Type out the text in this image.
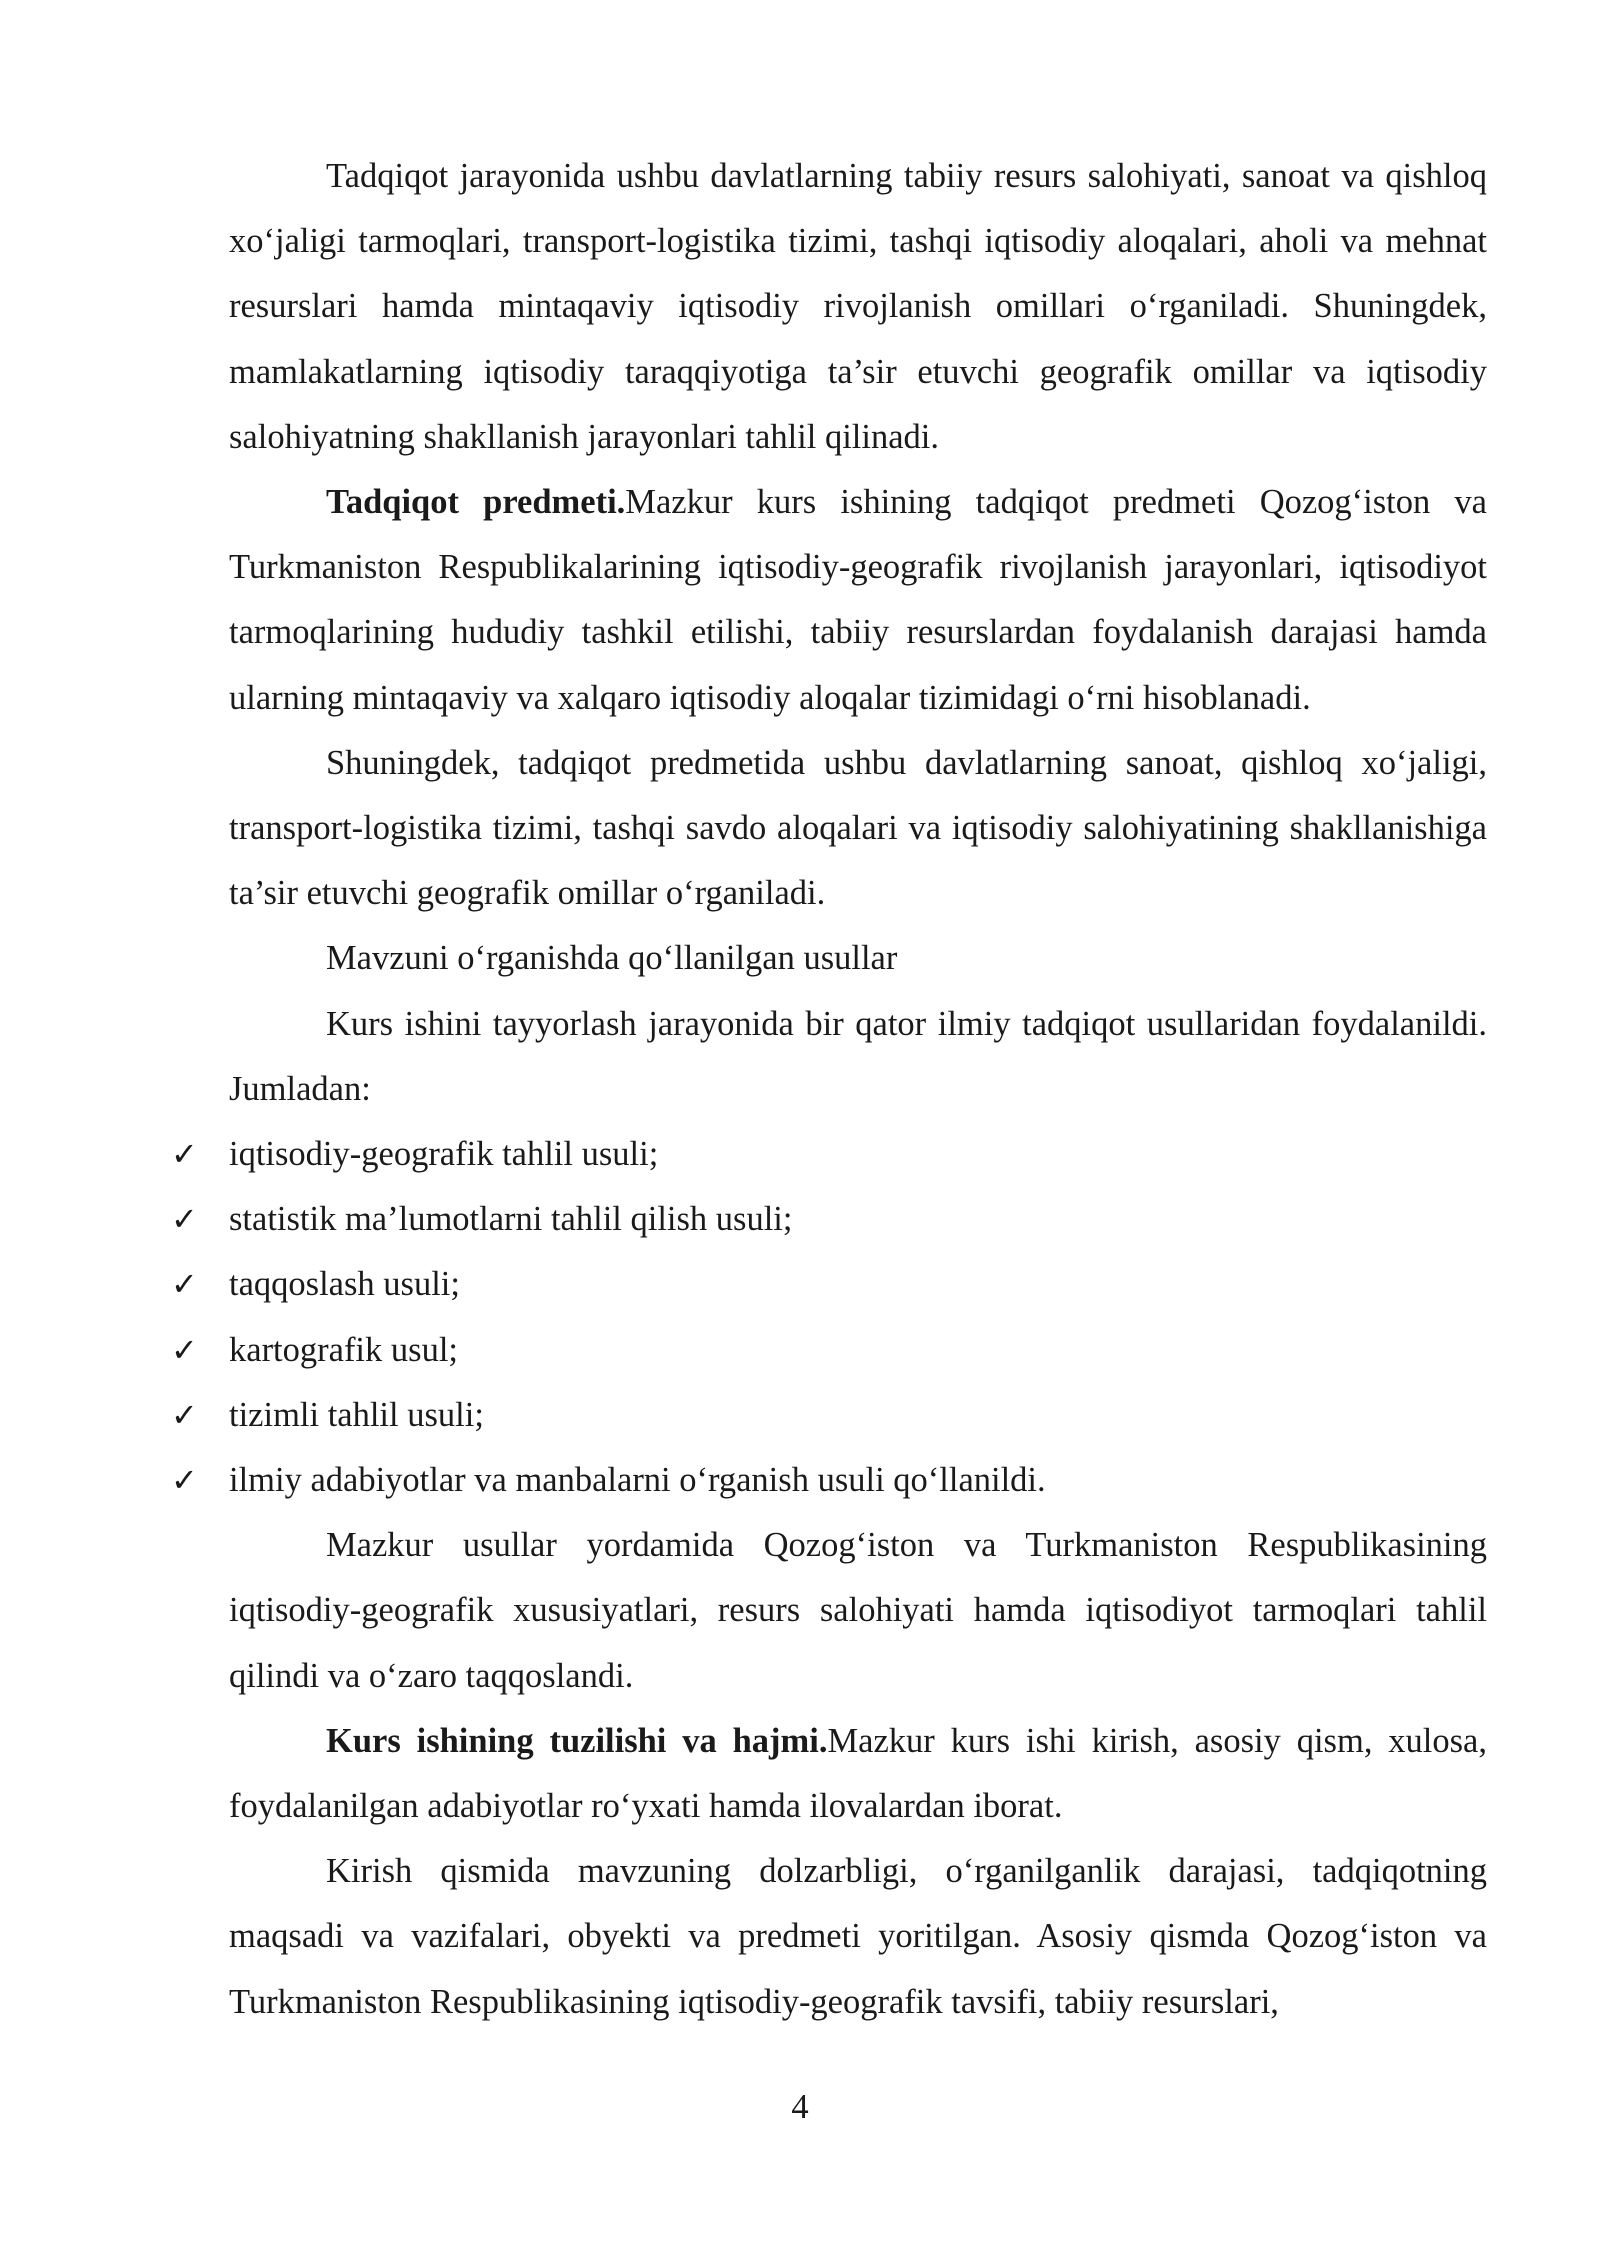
Tadqiqot jarayonida ushbu davlatlarning tabiiy resurs salohiyati, sanoat va qishloq xo‘jaligi tarmoqlari, transport-logistika tizimi, tashqi iqtisodiy aloqalari, aholi va mehnat resurslari hamda mintaqaviy iqtisodiy rivojlanish omillari o‘rganiladi. Shuningdek, mamlakatlarning iqtisodiy taraqqiyotiga ta’sir etuvchi geografik omillar va iqtisodiy salohiyatning shakllanish jarayonlari tahlil qilinadi.

Tadqiqot predmeti.Mazkur kurs ishining tadqiqot predmeti Qozog‘iston va Turkmaniston Respublikalarining iqtisodiy-geografik rivojlanish jarayonlari, iqtisodiyot tarmoqlarining hududiy tashkil etilishi, tabiiy resurslardan foydalanish darajasi hamda ularning mintaqaviy va xalqaro iqtisodiy aloqalar tizimidagi o‘rni hisoblanadi.

Shuningdek, tadqiqot predmetida ushbu davlatlarning sanoat, qishloq xo‘jaligi, transport-logistika tizimi, tashqi savdo aloqalari va iqtisodiy salohiyatining shakllanishiga ta’sir etuvchi geografik omillar o‘rganiladi.

Mavzuni o‘rganishda qo‘llanilgan usullar

Kurs ishini tayyorlash jarayonida bir qator ilmiy tadqiqot usullaridan foydalanildi. Jumladan:

✓ iqtisodiy-geografik tahlil usuli;
✓ statistik ma’lumotlarni tahlil qilish usuli;
✓ taqqoslash usuli;
✓ kartografik usul;
✓ tizimli tahlil usuli;
✓ ilmiy adabiyotlar va manbalarni o‘rganish usuli qo‘llanildi.

Mazkur usullar yordamida Qozog‘iston va Turkmaniston Respublikasining iqtisodiy-geografik xususiyatlari, resurs salohiyati hamda iqtisodiyot tarmoqlari tahlil qilindi va o‘zaro taqqoslandi.

Kurs ishining tuzilishi va hajmi.Mazkur kurs ishi kirish, asosiy qism, xulosa, foydalanilgan adabiyotlar ro‘yxati hamda ilovalardan iborat.

Kirish qismida mavzuning dolzarbligi, o‘rganilganlik darajasi, tadqiqotning maqsadi va vazifalari, obyekti va predmeti yoritilgan. Asosiy qismda Qozog‘iston va Turkmaniston Respublikasining iqtisodiy-geografik tavsifi, tabiiy resurslari,

4
